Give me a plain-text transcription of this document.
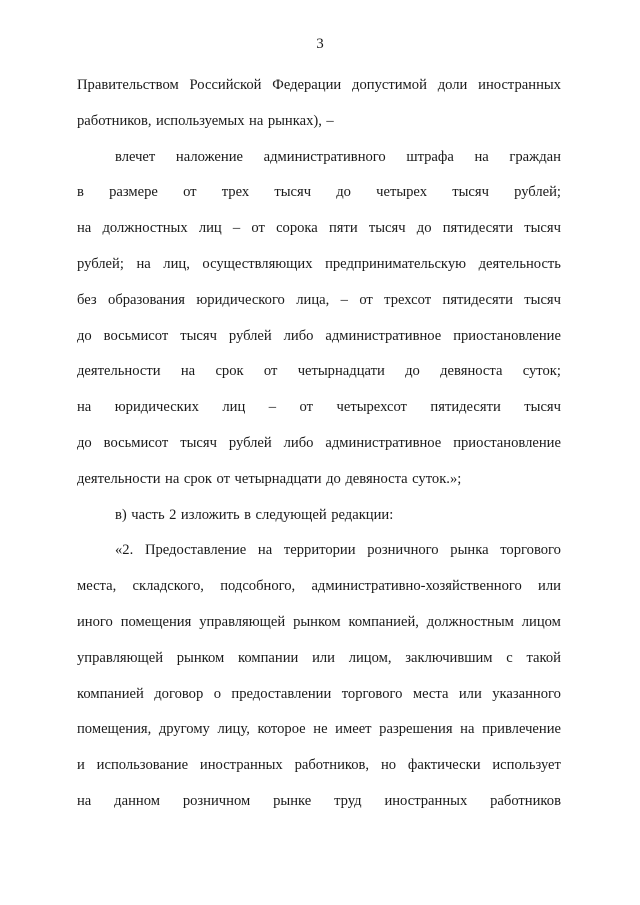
3
Правительством Российской Федерации допустимой доли иностранных
работников, используемых на рынках), –
влечет наложение административного штрафа на граждан
в размере от трех тысяч до четырех тысяч рублей;
на должностных лиц – от сорока пяти тысяч до пятидесяти тысяч
рублей; на лиц, осуществляющих предпринимательскую деятельность
без образования юридического лица, – от трехсот пятидесяти тысяч
до восьмисот тысяч рублей либо административное приостановление
деятельности на срок от четырнадцати до девяноста суток;
на юридических лиц – от четырехсот пятидесяти тысяч
до восьмисот тысяч рублей либо административное приостановление
деятельности на срок от четырнадцати до девяноста суток.»;
в) часть 2 изложить в следующей редакции:
«2. Предоставление на территории розничного рынка торгового
места, складского, подсобного, административно-хозяйственного или
иного помещения управляющей рынком компанией, должностным лицом
управляющей рынком компании или лицом, заключившим с такой
компанией договор о предоставлении торгового места или указанного
помещения, другому лицу, которое не имеет разрешения на привлечение
и использование иностранных работников, но фактически использует
на данном розничном рынке труд иностранных работников
